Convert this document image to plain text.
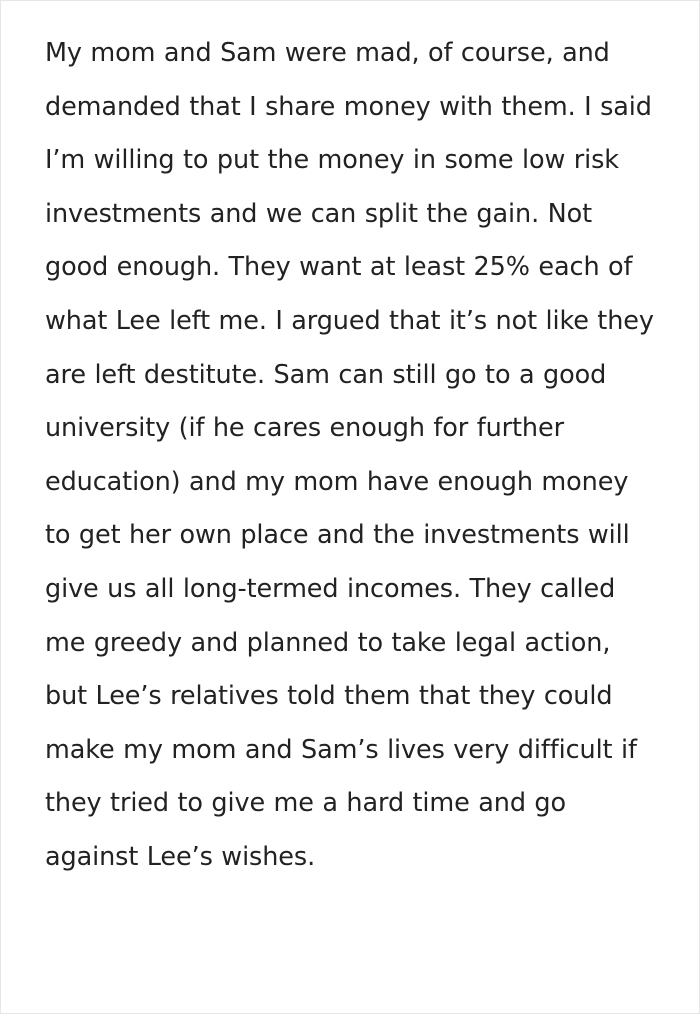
My mom and Sam were mad, of course, and demanded that I share money with them. I said I’m willing to put the money in some low risk investments and we can split the gain. Not good enough. They want at least 25% each of what Lee left me. I argued that it’s not like they are left destitute. Sam can still go to a good university (if he cares enough for further education) and my mom have enough money to get her own place and the investments will give us all long-termed incomes. They called me greedy and planned to take legal action, but Lee’s relatives told them that they could make my mom and Sam’s lives very difficult if they tried to give me a hard time and go against Lee’s wishes.
